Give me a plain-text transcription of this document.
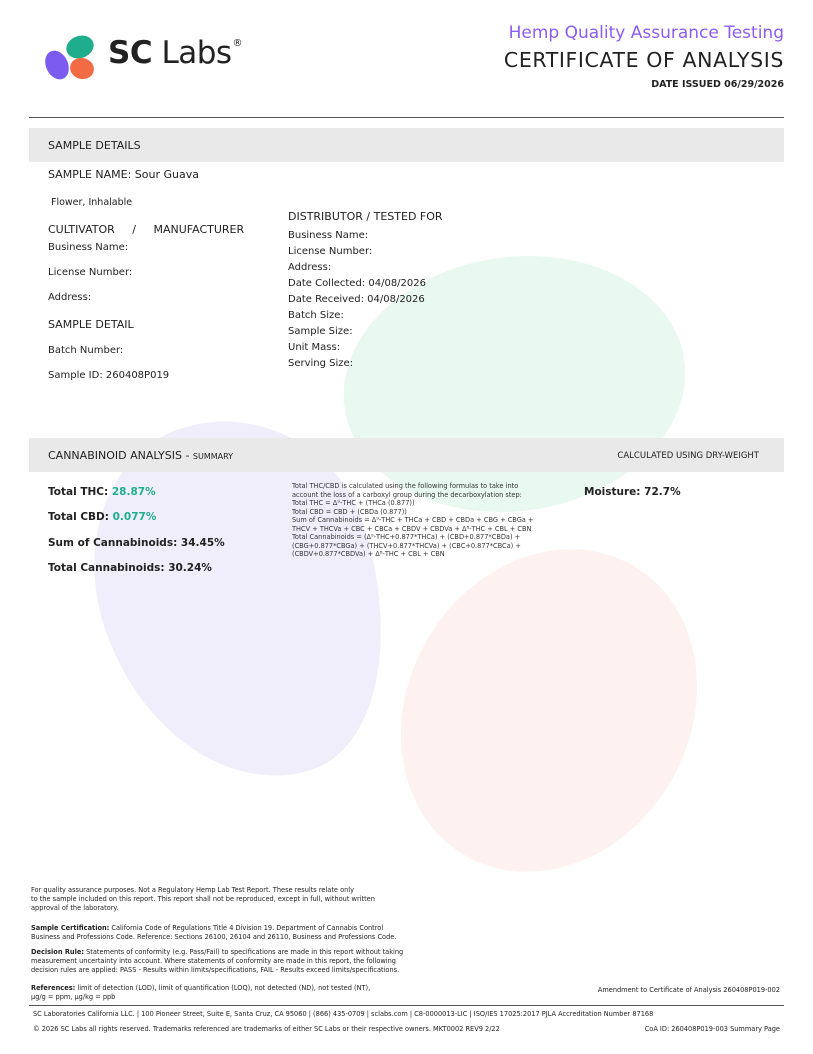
SC Labs®
Hemp Quality Assurance Testing
CERTIFICATE OF ANALYSIS
DATE ISSUED 06/29/2026
SAMPLE DETAILS
SAMPLE NAME: Sour Guava
Flower, Inhalable
CULTIVATOR     /     MANUFACTURER
Business Name:
License Number:
Address:
SAMPLE DETAIL
Batch Number:
Sample ID: 260408P019
DISTRIBUTOR / TESTED FOR
Business Name:
License Number:
Address:
Date Collected: 04/08/2026
Date Received: 04/08/2026
Batch Size:
Sample Size:
Unit Mass:
Serving Size:
CANNABINOID ANALYSIS - SUMMARY	CALCULATED USING DRY-WEIGHT
Total THC: 28.87%
Total CBD: 0.077%
Sum of Cannabinoids: 34.45%
Total Cannabinoids: 30.24%
Moisture: 72.7%
Total THC/CBD is calculated using the following formulas to take into
account the loss of a carboxyl group during the decarboxylation step:
Total THC = Δ⁹-THC + (THCa (0.877))
Total CBD = CBD + (CBDa (0.877))
Sum of Cannabinoids = Δ⁹-THC + THCa + CBD + CBDa + CBG + CBGa +
THCV + THCVa + CBC + CBCa + CBDV + CBDVa + Δ⁸-THC + CBL + CBN
Total Cannabinoids = (Δ⁹-THC+0.877*THCa) + (CBD+0.877*CBDa) +
(CBG+0.877*CBGa) + (THCV+0.877*THCVa) + (CBC+0.877*CBCa) +
(CBDV+0.877*CBDVa) + Δ⁸-THC + CBL + CBN
For quality assurance purposes. Not a Regulatory Hemp Lab Test Report. These results relate only
to the sample included on this report. This report shall not be reproduced, except in full, without written
approval of the laboratory.
Sample Certification: California Code of Regulations Title 4 Division 19. Department of Cannabis Control
Business and Professions Code. Reference: Sections 26100, 26104 and 26110, Business and Professions Code.
Decision Rule: Statements of conformity (e.g. Pass/Fail) to specifications are made in this report without taking
measurement uncertainty into account. Where statements of conformity are made in this report, the following
decision rules are applied: PASS - Results within limits/specifications, FAIL - Results exceed limits/specifications.
References: limit of detection (LOD), limit of quantification (LOQ), not detected (ND), not tested (NT),
μg/g = ppm, μg/kg = ppb
Amendment to Certificate of Analysis 260408P019-002
SC Laboratories California LLC. | 100 Pioneer Street, Suite E, Santa Cruz, CA 95060 | (866) 435-0709 | sclabs.com | C8-0000013-LIC | ISO/IES 17025:2017 PJLA Accreditation Number 87168
© 2026 SC Labs all rights reserved. Trademarks referenced are trademarks of either SC Labs or their respective owners. MKT0002 REV9 2/22	CoA ID: 260408P019-003 Summary Page
